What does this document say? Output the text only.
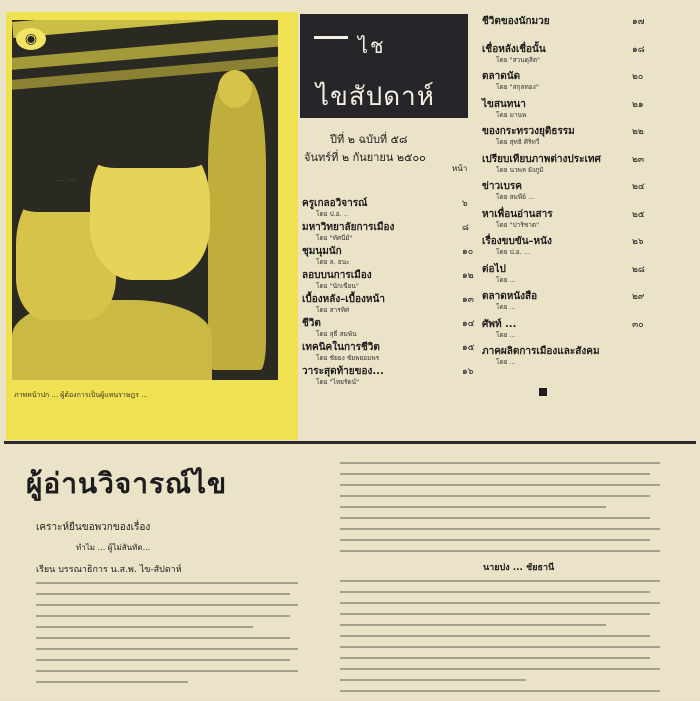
◉
ภาพหน้าปก ... ผู้ต้องการเป็นผู้แทนราษฎร ...
ไช
ไขสัปดาห์
ปีที่ ๒ ฉบับที่ ๕๘
จันทร์ที่ ๒ กันยายน ๒๕๐๐
หน้า
ครูเกลอวิจารณ์
โดย ป.อ. ..
๖
มหาวิทยาลัยการเมือง
โดย "ทัศนีย์"
๘
ชุมนุมนัก
โดย ล. ธนะ
๑๐
ลอบบนการเมือง
โดย "นักเขียน"
๑๒
เบื้องหลัง–เบื้องหน้า
โดย สารทิศ
๑๓
ชีวิต
โดย สุธี สมพัน
๑๔
เทคนิคในการชีวิต
โดย ชัยยง ชัยพยอมพร
๑๕
วาระสุดท้ายของ...
โดย "ไทยรัตน์"
๑๖
ชีวิตของนักมวย	๑๗
เชื่อหลังเชื่อนั้น
โดย "สวนดุสิต"
๑๘
ตลาดนัด
โดย "สกุลทอง"
๒๐
ไขสนทนา
โดย มานพ
๒๑
ของกระทรวงยุติธรรม
โดย สุทธิ ศิริทวี
๒๒
เปรียบเทียบภาพต่างประเทศ
โดย นวพล ยังภูมิ
๒๓
ข่าวเบรค
โดย สมพีย์ ...
๒๔
หาเพื่อนอ่านสาร
โดย "ปาริชาต"
๒๕
เรื่องขบขัน–หนัง
โดย ป.อ. ...
๒๖
ต่อไป
โดย ...
๒๘
ตลาดหนังสือ
โดย ...
๒๙
ศัพท์ ...
โดย ...
๓๐
ภาคผลิตการเมืองและสังคม
โดย ...
ผู้อ่านวิจารณ์ไข
เคราะห์ยืนขอพวกของเรื่อง
ทำไม ... ผู้ไม่สันทัด...
เรียน บรรณาธิการ น.ส.พ. ไข-สัปดาห์	นายปง ... ชัยธานี
